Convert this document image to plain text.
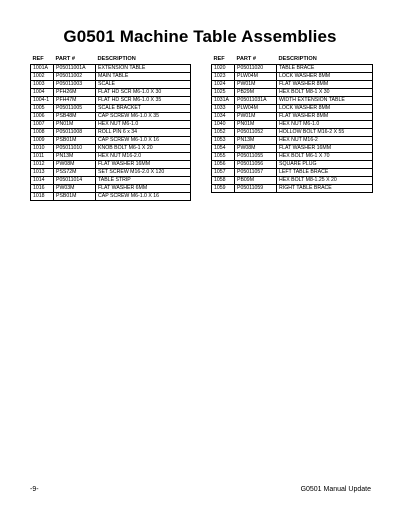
G0501 Machine Table Assemblies
REF	PART #	DESCRIPTION
1001A	P05011001A	EXTENSION TABLE
1002	P05011002	MAIN TABLE
1003	P05011003	SCALE
1004	PFH26M	FLAT HD SCR M6-1.0 X 30
1004-1	PFH47M	FLAT HD SCR M6-1.0 X 35
1005	P05011005	SCALE BRACKET
1006	PSB48M	CAP SCREW M6-1.0 X 35
1007	PN01M	HEX NUT M6-1.0
1008	P05011008	ROLL PIN 6 x 34
1009	PSB01M	CAP SCREW M6-1.0 X 16
1010	P05011010	KNOB BOLT M6-1 X 20
1011	PN13M	HEX NUT M16-2.0
1012	PW08M	FLAT WASHER 16MM
1013	PSS72M	SET SCREW M16-2.0 X 120
1014	P05011014	TABLE STRIP
1016	PW03M	FLAT WASHER 6MM
1018	PSB01M	CAP SCREW M6-1.0 X 16
REF	PART #	DESCRIPTION
1020	P05011020	TABLE BRACE
1023	PLW04M	LOCK WASHER 8MM
1024	PW01M	FLAT WASHER 8MM
1025	PB29M	HEX BOLT M8-1 X 30
1031A	P05011031A	WIDTH EXTENSION TABLE
1033	PLW04M	LOCK WASHER 8MM
1034	PW01M	FLAT WASHER 8MM
1040	PN01M	HEX NUT M6-1.0
1052	P05011052	HOLLOW BOLT M16-2 X 55
1053	PN13M	HEX NUT M16-2
1054	PW08M	FLAT WASHER 16MM
1055	P05011055	HEX BOLT M6-1 X 70
1056	P05011056	SQUARE PLUG
1057	P05011057	LEFT TABLE BRACE
1058	PB09M	HEX BOLT M8-1.25 X 20
1059	P05011059	RIGHT TABLE BRACE
-9-	G0501 Manual Update
